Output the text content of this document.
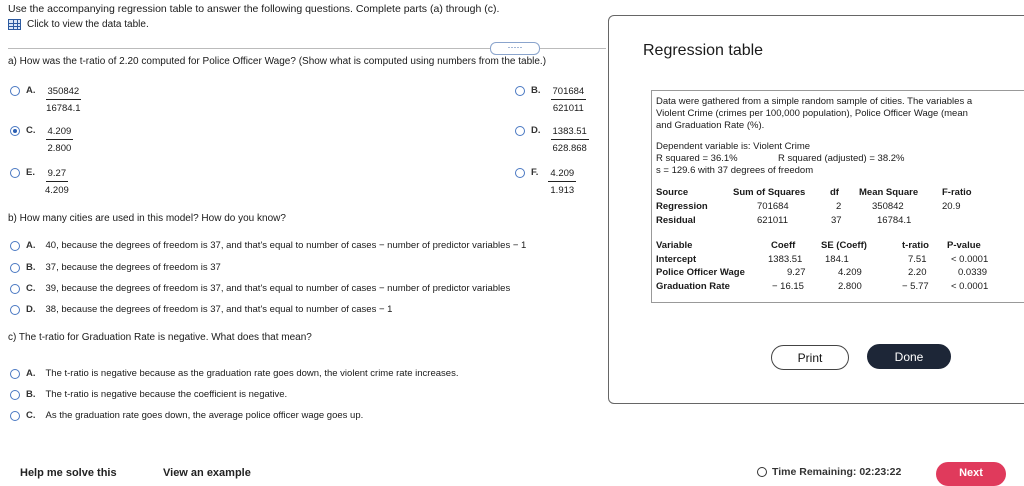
Use the accompanying regression table to answer the following questions. Complete parts (a) through (c).
Click to view the data table.
·····
a) How was the t-ratio of 2.20 computed for Police Officer Wage? (Show what is computed using numbers from the table.)
A. $\frac{350842}{16784.1}$	B. $\frac{701684}{621011}$
C. $\frac{4.209}{2.800}$	D. $\frac{1383.51}{628.868}$
E. $\frac{9.27}{4.209}$	F. $\frac{4.209}{1.913}$
b) How many cities are used in this model? How do you know?
A. 40, because the degrees of freedom is 37, and that's equal to number of cases − number of predictor variables − 1
B. 37, because the degrees of freedom is 37
C. 39, because the degrees of freedom is 37, and that's equal to number of cases − number of predictor variables
D. 38, because the degrees of freedom is 37, and that's equal to number of cases − 1
c) The t-ratio for Graduation Rate is negative. What does that mean?
A. The t-ratio is negative because as the graduation rate goes down, the violent crime rate increases.
B. The t-ratio is negative because the coefficient is negative.
C. As the graduation rate goes down, the average police officer wage goes up.
Regression table
Data were gathered from a simple random sample of cities. The variables a
Violent Crime (crimes per 100,000 population), Police Officer Wage (mean
and Graduation Rate (%).
Dependent variable is: Violent Crime
R squared = 36.1%	R squared (adjusted) = 38.2%
s = 129.6 with 37 degrees of freedom
Source	Sum of Squares	df Mean Square	F-ratio
Regression	701684	2	350842	20.9
Residual	621011	37	16784.1
Variable	Coeff	SE (Coeff)	t-ratio P-value
Intercept	1383.51 184.1	7.51	< 0.0001
Police Officer Wage	9.27	4.209	2.20	0.0339
Graduation Rate	− 16.15	2.800	− 5.77 < 0.0001
Print	Done
Help me solve this	View an example	Time Remaining: 02:23:22	Next
